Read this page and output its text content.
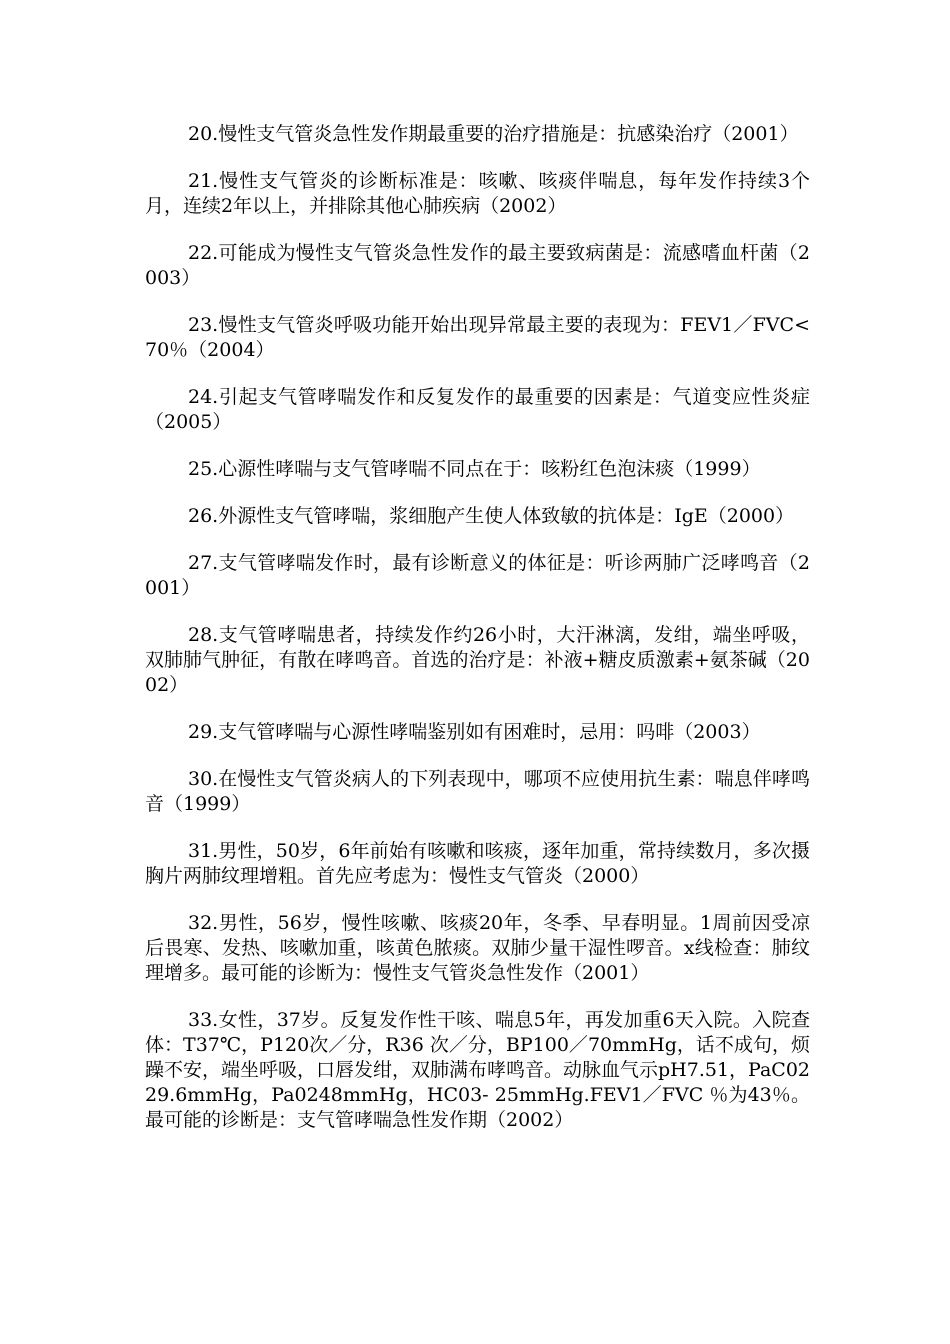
20.慢性支气管炎急性发作期最重要的治疗措施是：抗感染治疗（2001）

21.慢性支气管炎的诊断标准是：咳嗽、咳痰伴喘息，每年发作持续3个月，连续2年以上，并排除其他心肺疾病（2002）

22.可能成为慢性支气管炎急性发作的最主要致病菌是：流感嗜血杆菌（2003）

23.慢性支气管炎呼吸功能开始出现异常最主要的表现为：FEV1／FVC<70％（2004）

24.引起支气管哮喘发作和反复发作的最重要的因素是：气道变应性炎症（2005）

25.心源性哮喘与支气管哮喘不同点在于：咳粉红色泡沫痰（1999）

26.外源性支气管哮喘，浆细胞产生使人体致敏的抗体是：IgE（2000）

27.支气管哮喘发作时，最有诊断意义的体征是：听诊两肺广泛哮鸣音（2001）

28.支气管哮喘患者，持续发作约26小时，大汗淋漓，发绀，端坐呼吸，双肺肺气肿征，有散在哮鸣音。首选的治疗是：补液+糖皮质激素+氨茶碱（2002）

29.支气管哮喘与心源性哮喘鉴别如有困难时，忌用：吗啡（2003）

30.在慢性支气管炎病人的下列表现中，哪项不应使用抗生素：喘息伴哮鸣音（1999）

31.男性，50岁，6年前始有咳嗽和咳痰，逐年加重，常持续数月，多次摄胸片两肺纹理增粗。首先应考虑为：慢性支气管炎（2000）

32.男性，56岁，慢性咳嗽、咳痰20年，冬季、早春明显。1周前因受凉后畏寒、发热、咳嗽加重，咳黄色脓痰。双肺少量干湿性啰音。x线检查：肺纹理增多。最可能的诊断为：慢性支气管炎急性发作（2001）

33.女性，37岁。反复发作性干咳、喘息5年，再发加重6天入院。入院查体：T37℃，P120次／分，R36 次／分，BP100／70mmHg，话不成句，烦躁不安，端坐呼吸，口唇发绀，双肺满布哮鸣音。动脉血气示pH7.51，PaC0229.6mmHg，Pa0248mmHg，HC03- 25mmHg.FEV1／FVC ％为43％。最可能的诊断是：支气管哮喘急性发作期（2002）
